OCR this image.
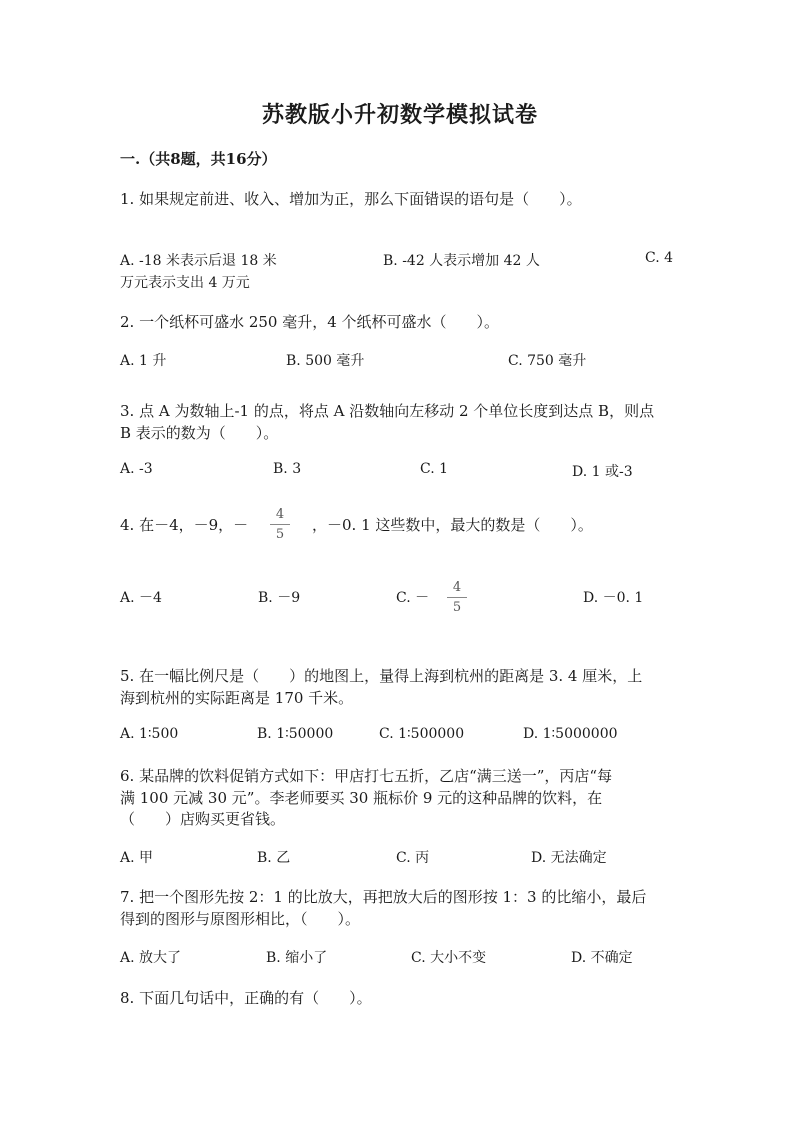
苏教版小升初数学模拟试卷
一.（共8题，共16分）
1. 如果规定前进、收入、增加为正，那么下面错误的语句是（　　）。
A. -18 米表示后退 18 米	B. -42 人表示增加 42 人	C. 4
万元表示支出 4 万元
2. 一个纸杯可盛水 250 毫升，4 个纸杯可盛水（　　）。
A. 1 升	B. 500 毫升	C. 750 毫升
3. 点 A 为数轴上-1 的点，将点 A 沿数轴向左移动 2 个单位长度到达点 B，则点
B 表示的数为（　　）。
A. -3	B. 3	C. 1	D. 1 或-3
4. 在－4，－9，－
4
5
，－0. 1 这些数中，最大的数是（　　）。
A. －4	B. －9	C. －
4
5
D. －0. 1
5. 在一幅比例尺是（　　）的地图上，量得上海到杭州的距离是 3. 4 厘米，上
海到杭州的实际距离是 170 千米。
A. 1∶500	B. 1∶50000	C. 1∶500000	D. 1∶5000000
6. 某品牌的饮料促销方式如下：甲店打七五折，乙店“满三送一”，丙店“每
满 100 元减 30 元”。李老师要买 30 瓶标价 9 元的这种品牌的饮料，在
（　　）店购买更省钱。
A. 甲	B. 乙	C. 丙	D. 无法确定
7. 把一个图形先按 2：1 的比放大，再把放大后的图形按 1：3 的比缩小，最后
得到的图形与原图形相比，（　　）。
A. 放大了	B. 缩小了	C. 大小不变	D. 不确定
8. 下面几句话中，正确的有（　　）。
